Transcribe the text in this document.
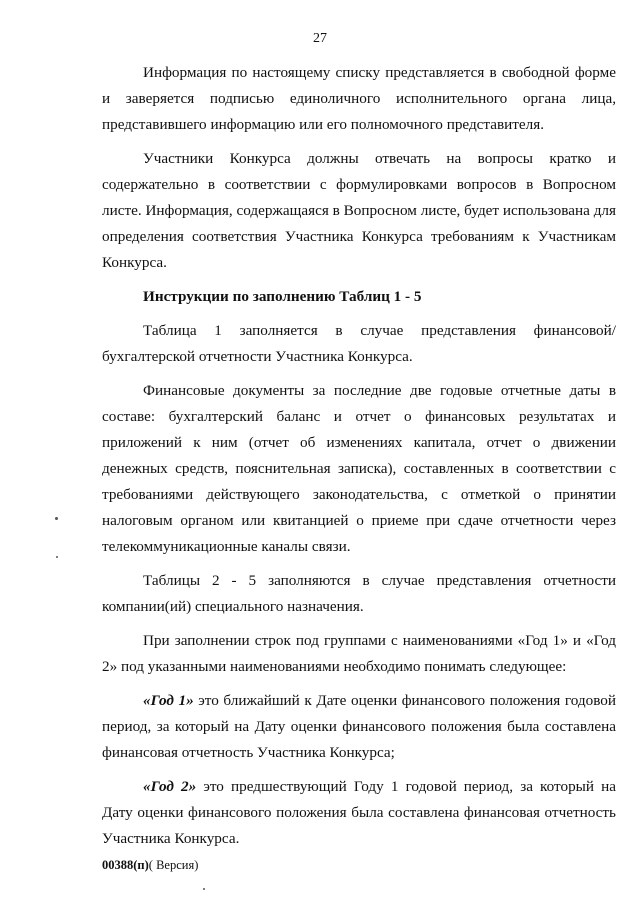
27

Информация по настоящему списку представляется в свободной форме и заверяется подписью единоличного исполнительного органа лица, представившего информацию или его полномочного представителя.

Участники Конкурса должны отвечать на вопросы кратко и содержательно в соответствии с формулировками вопросов в Вопросном листе. Информация, содержащаяся в Вопросном листе, будет использована для определения соответствия Участника Конкурса требованиям к Участникам Конкурса.

Инструкции по заполнению Таблиц 1 - 5

Таблица 1 заполняется в случае представления финансовой/бухгалтерской отчетности Участника Конкурса.

Финансовые документы за последние две годовые отчетные даты в составе: бухгалтерский баланс и отчет о финансовых результатах и приложений к ним (отчет об изменениях капитала, отчет о движении денежных средств, пояснительная записка), составленных в соответствии с требованиями действующего законодательства, с отметкой о принятии налоговым органом или квитанцией о приеме при сдаче отчетности через телекоммуникационные каналы связи.

Таблицы 2 - 5 заполняются в случае представления отчетности компании(ий) специального назначения.

При заполнении строк под группами с наименованиями «Год 1» и «Год 2» под указанными наименованиями необходимо понимать следующее:

«Год 1» это ближайший к Дате оценки финансового положения годовой период, за который на Дату оценки финансового положения была составлена финансовая отчетность Участника Конкурса;

«Год 2» это предшествующий Году 1 годовой период, за который на Дату оценки финансового положения была составлена финансовая отчетность Участника Конкурса.

00388(п)( Версия)
